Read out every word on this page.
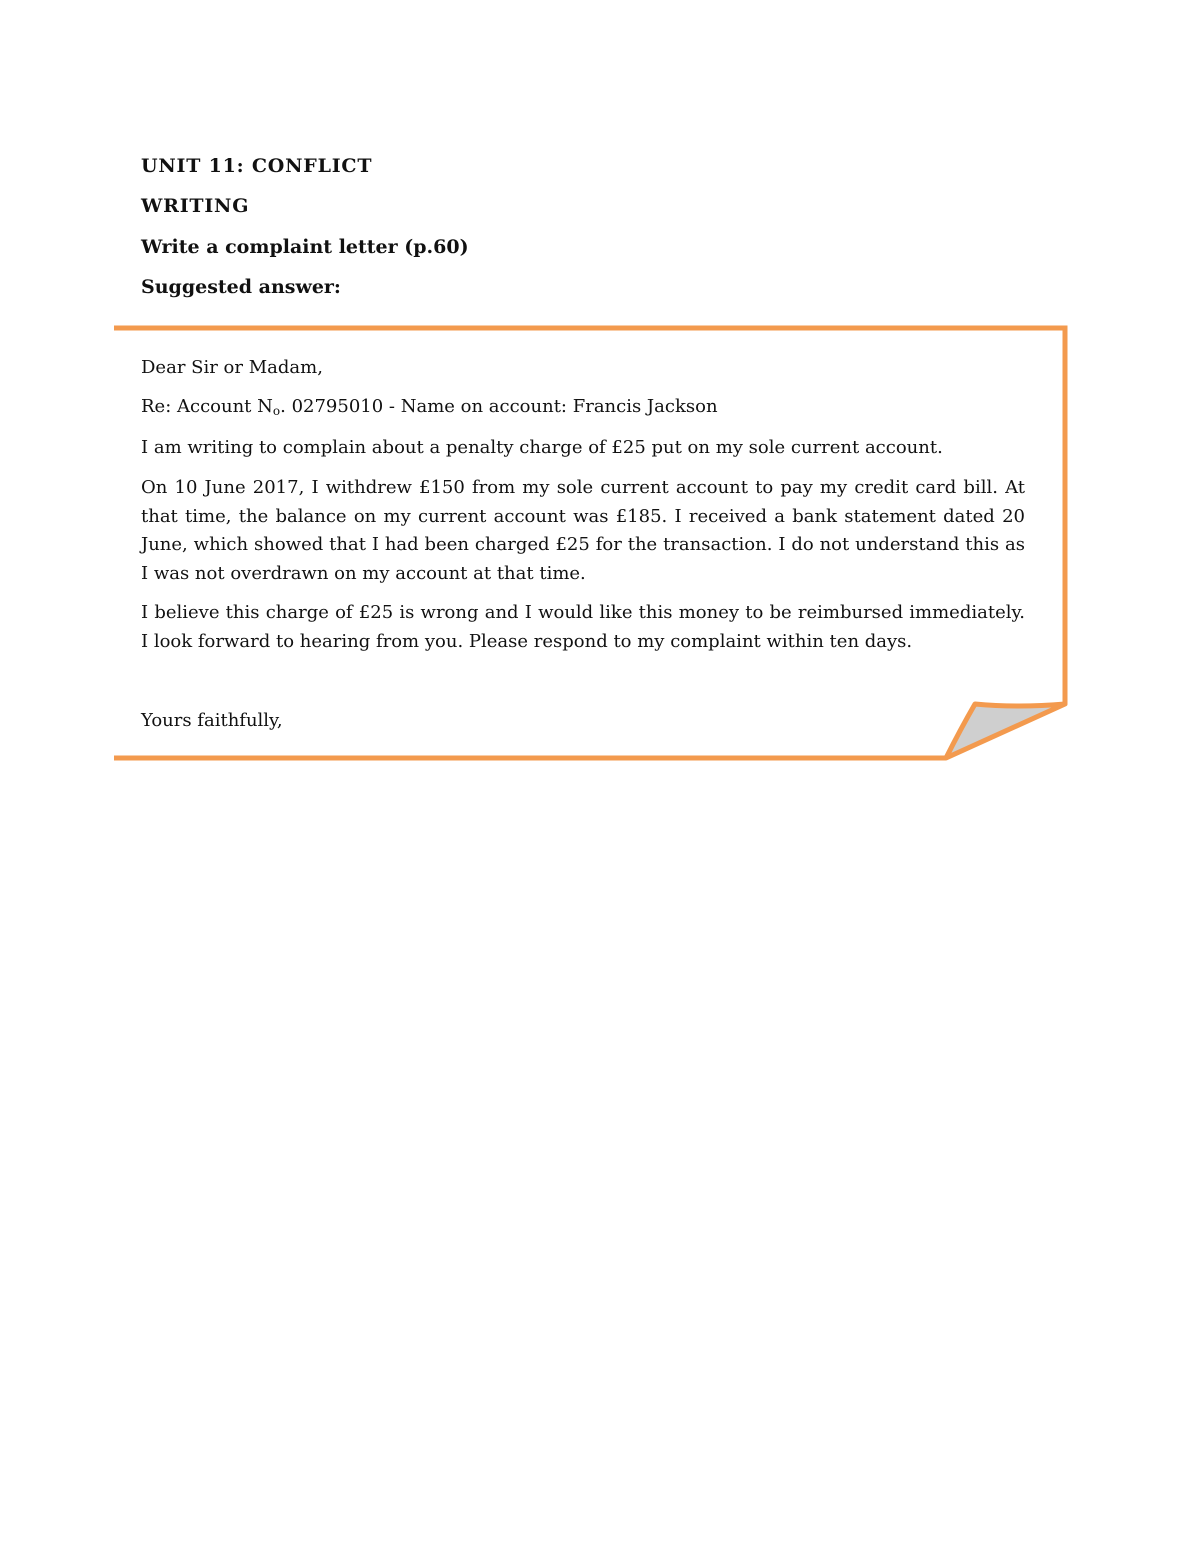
UNIT 11: CONFLICT
WRITING
Write a complaint letter (p.60)
Suggested answer:

Dear Sir or Madam,

Re: Account No. 02795010 - Name on account: Francis Jackson

I am writing to complain about a penalty charge of £25 put on my sole current account.

On 10 June 2017, I withdrew £150 from my sole current account to pay my credit card bill. At that time, the balance on my current account was £185. I received a bank statement dated 20 June, which showed that I had been charged £25 for the transaction. I do not understand this as I was not overdrawn on my account at that time.

I believe this charge of £25 is wrong and I would like this money to be reimbursed immediately. I look forward to hearing from you. Please respond to my complaint within ten days.

Yours faithfully,
